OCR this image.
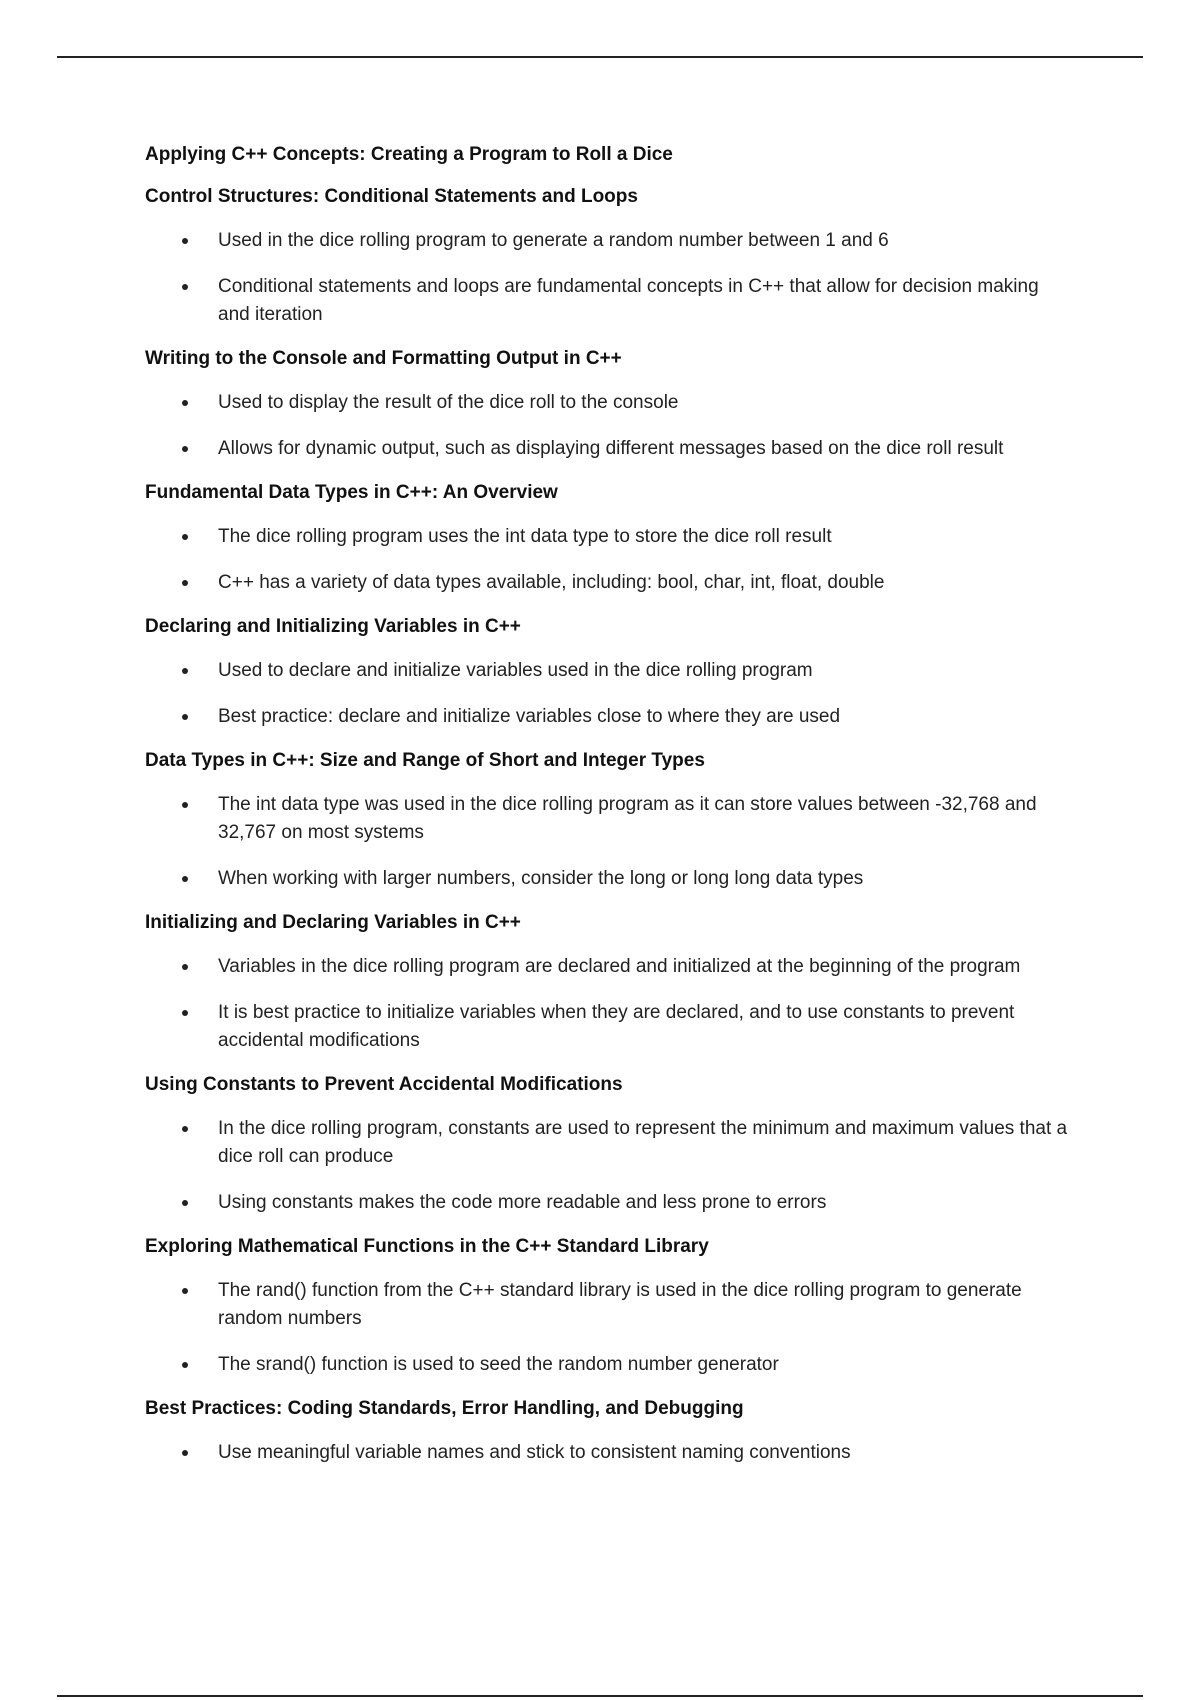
Applying C++ Concepts: Creating a Program to Roll a Dice
Control Structures: Conditional Statements and Loops
Used in the dice rolling program to generate a random number between 1 and 6
Conditional statements and loops are fundamental concepts in C++ that allow for decision making and iteration
Writing to the Console and Formatting Output in C++
Used to display the result of the dice roll to the console
Allows for dynamic output, such as displaying different messages based on the dice roll result
Fundamental Data Types in C++: An Overview
The dice rolling program uses the int data type to store the dice roll result
C++ has a variety of data types available, including: bool, char, int, float, double
Declaring and Initializing Variables in C++
Used to declare and initialize variables used in the dice rolling program
Best practice: declare and initialize variables close to where they are used
Data Types in C++: Size and Range of Short and Integer Types
The int data type was used in the dice rolling program as it can store values between -32,768 and 32,767 on most systems
When working with larger numbers, consider the long or long long data types
Initializing and Declaring Variables in C++
Variables in the dice rolling program are declared and initialized at the beginning of the program
It is best practice to initialize variables when they are declared, and to use constants to prevent accidental modifications
Using Constants to Prevent Accidental Modifications
In the dice rolling program, constants are used to represent the minimum and maximum values that a dice roll can produce
Using constants makes the code more readable and less prone to errors
Exploring Mathematical Functions in the C++ Standard Library
The rand() function from the C++ standard library is used in the dice rolling program to generate random numbers
The srand() function is used to seed the random number generator
Best Practices: Coding Standards, Error Handling, and Debugging
Use meaningful variable names and stick to consistent naming conventions
